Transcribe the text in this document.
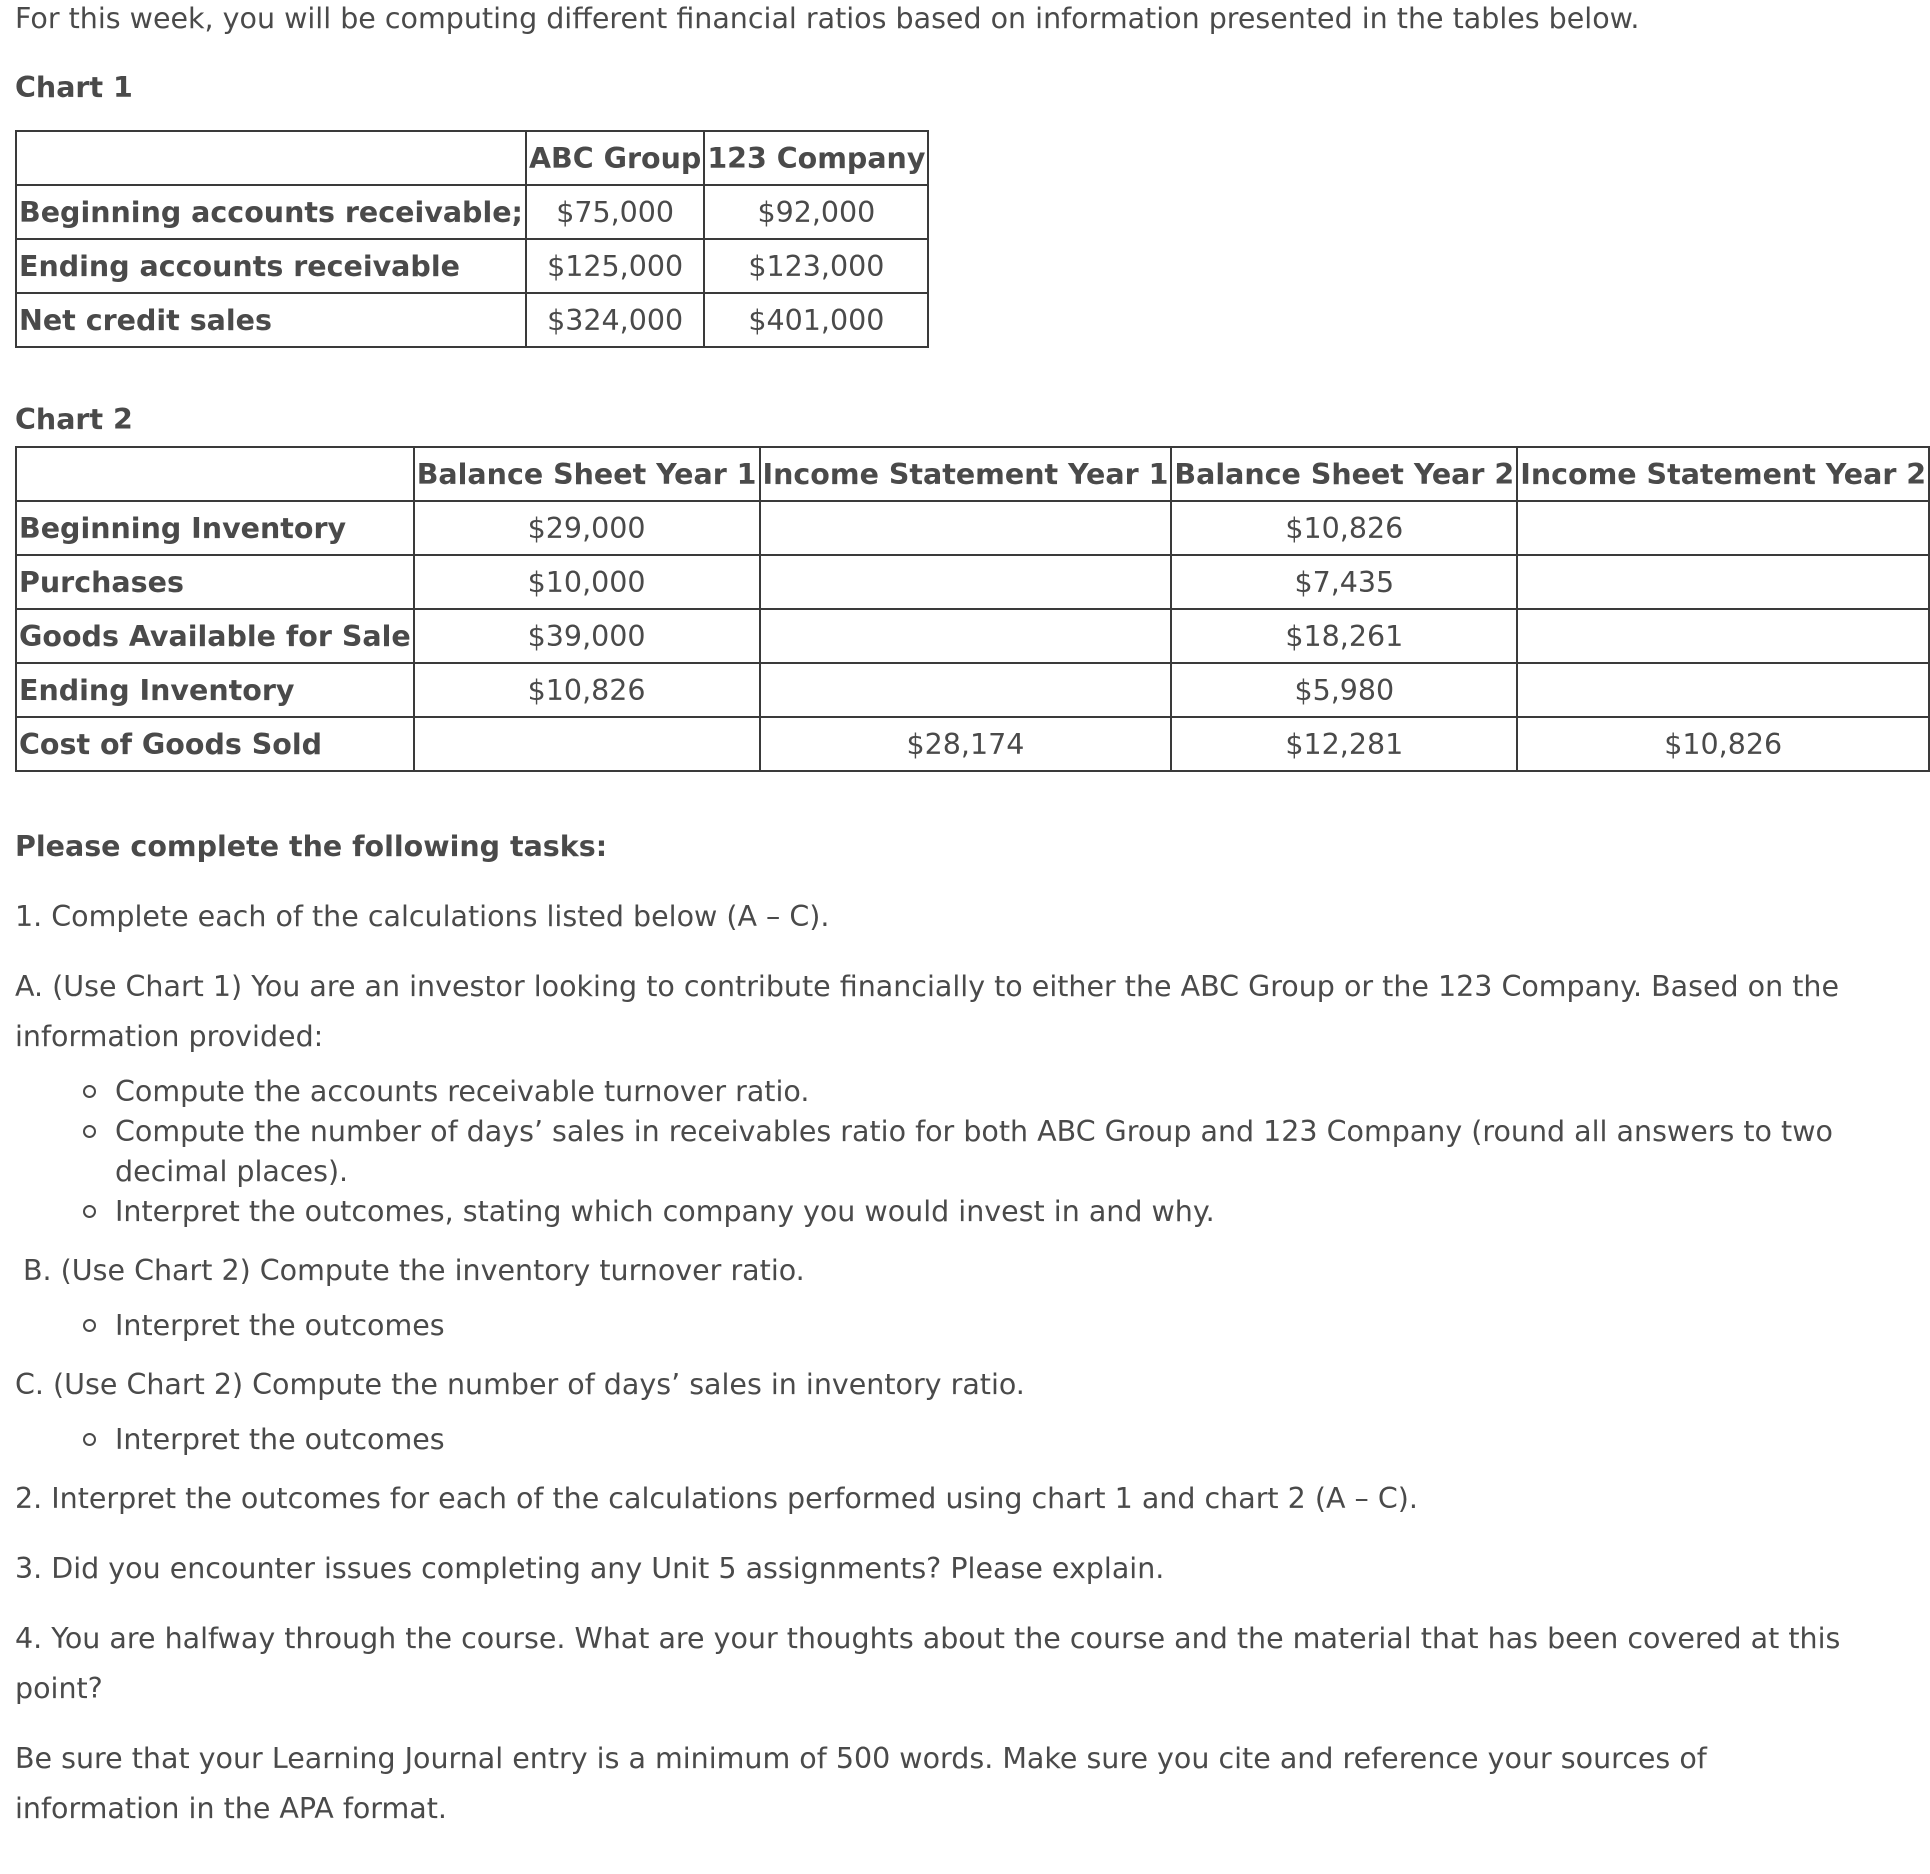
For this week, you will be computing different financial ratios based on information presented in the tables below.

Chart 1

	ABC Group	123 Company
Beginning accounts receivable;	$75,000	$92,000
Ending accounts receivable	$125,000	$123,000
Net credit sales	$324,000	$401,000

Chart 2

	Balance Sheet Year 1	Income Statement Year 1	Balance Sheet Year 2	Income Statement Year 2
Beginning Inventory	$29,000		$10,826	
Purchases	$10,000		$7,435	
Goods Available for Sale	$39,000		$18,261	
Ending Inventory	$10,826		$5,980	
Cost of Goods Sold		$28,174	$12,281	$10,826

Please complete the following tasks:

1. Complete each of the calculations listed below (A – C).

A. (Use Chart 1) You are an investor looking to contribute financially to either the ABC Group or the 123 Company. Based on the information provided:

Compute the accounts receivable turnover ratio.
Compute the number of days’ sales in receivables ratio for both ABC Group and 123 Company (round all answers to two decimal places).
Interpret the outcomes, stating which company you would invest in and why.

B. (Use Chart 2) Compute the inventory turnover ratio.

Interpret the outcomes

C. (Use Chart 2) Compute the number of days’ sales in inventory ratio.

Interpret the outcomes

2. Interpret the outcomes for each of the calculations performed using chart 1 and chart 2 (A – C).

3. Did you encounter issues completing any Unit 5 assignments? Please explain.

4. You are halfway through the course. What are your thoughts about the course and the material that has been covered at this point?

Be sure that your Learning Journal entry is a minimum of 500 words. Make sure you cite and reference your sources of information in the APA format.
